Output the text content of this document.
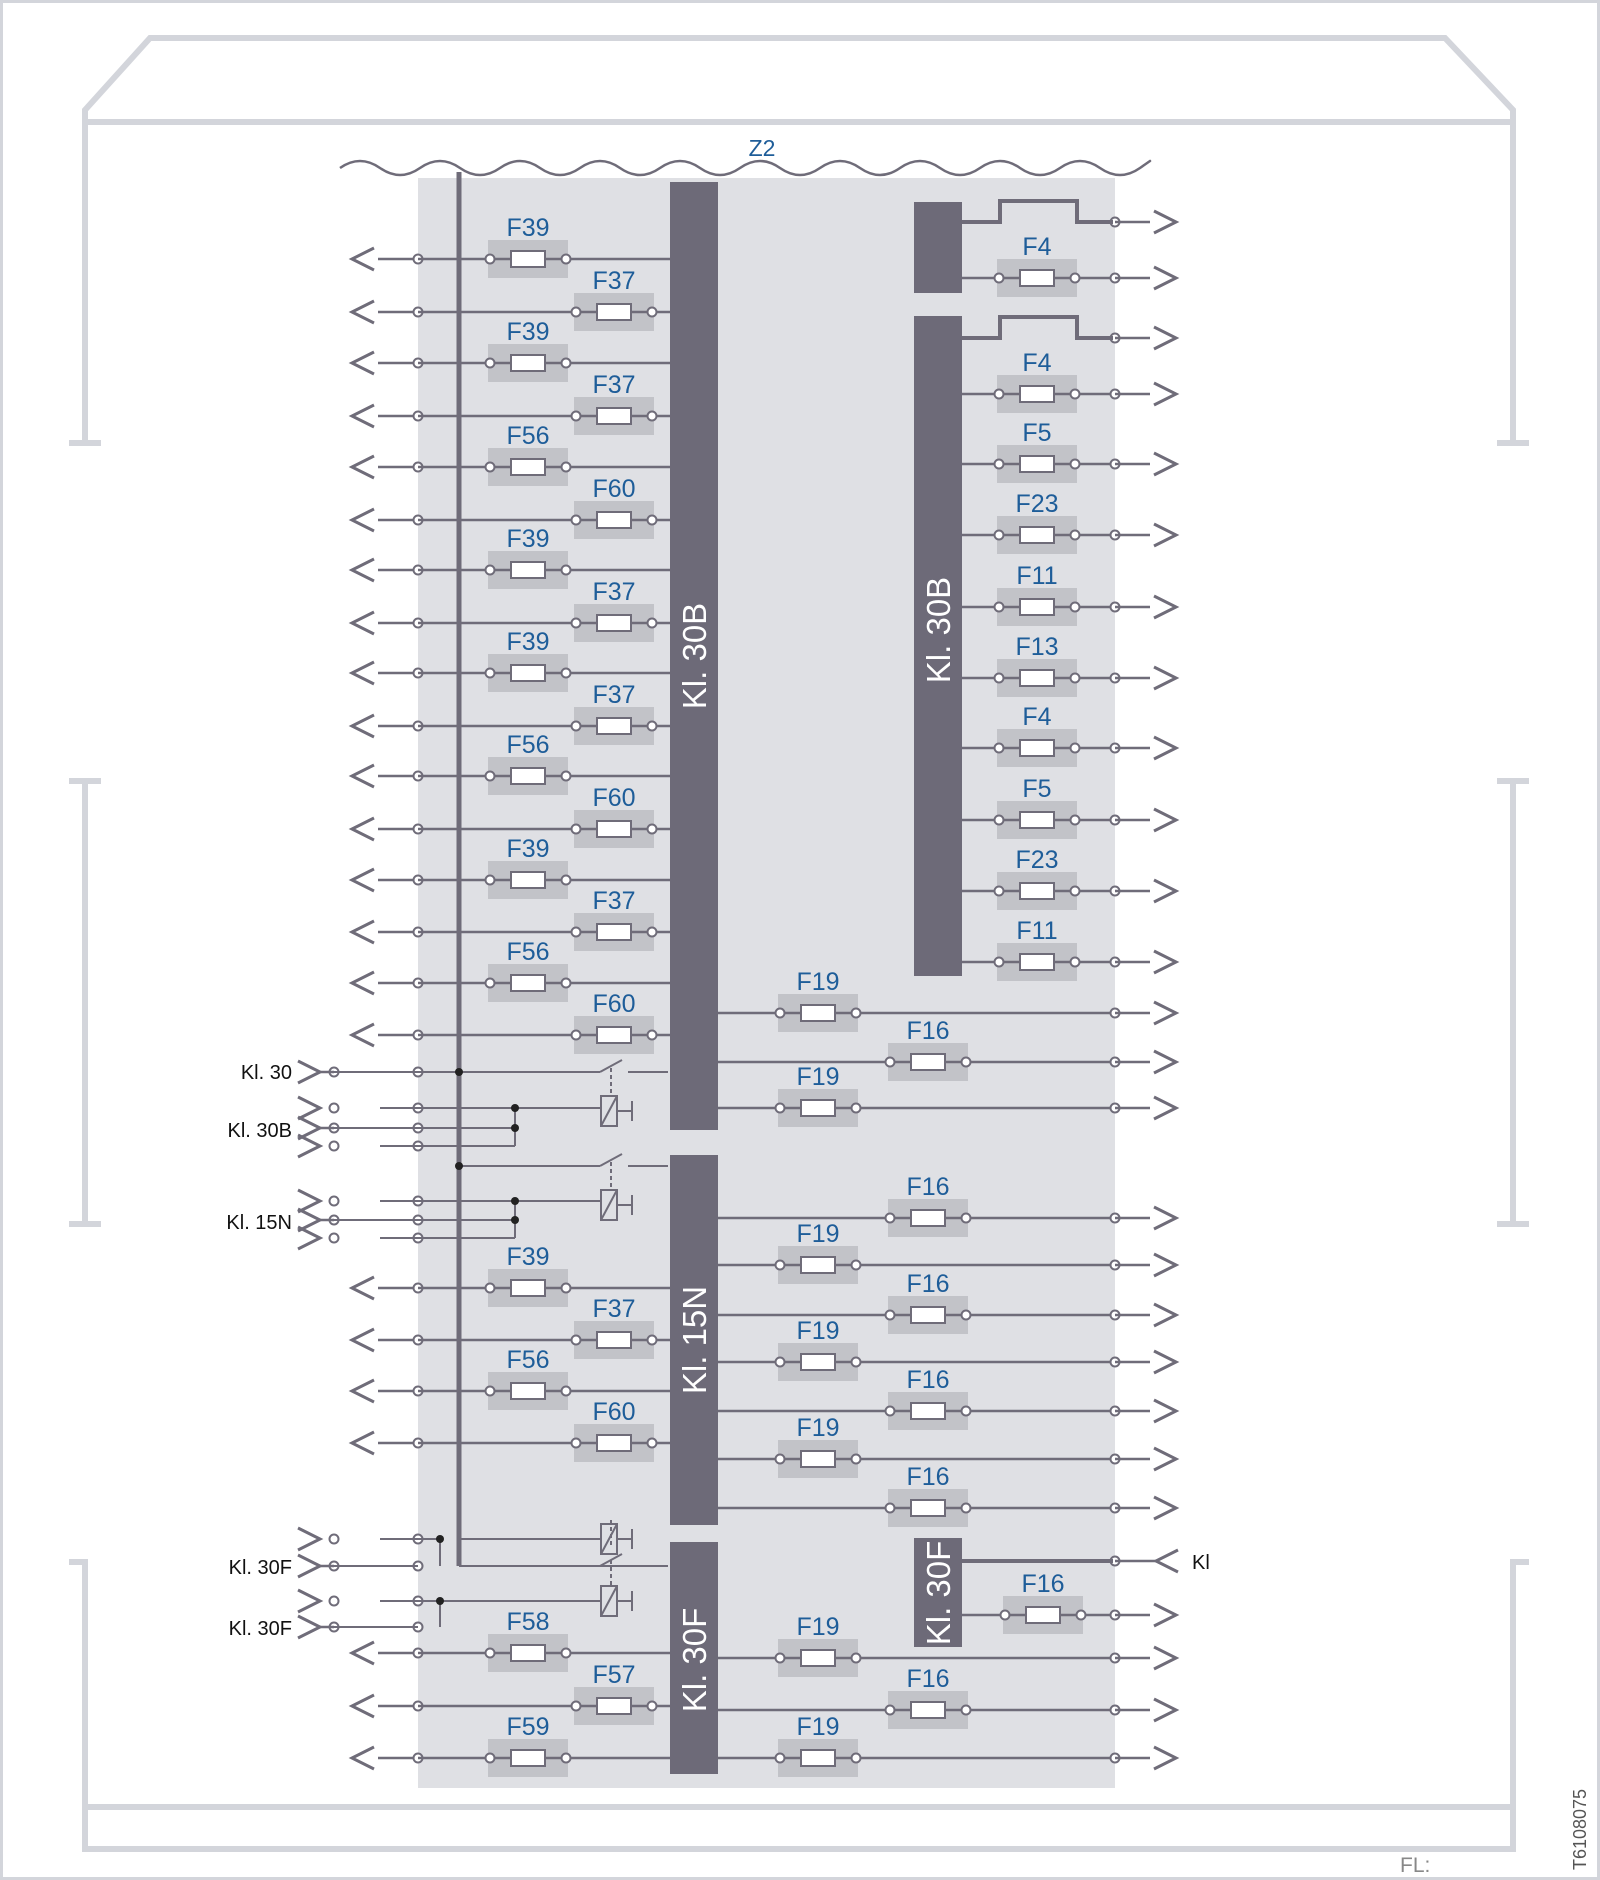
Z2
Kl. 30B
Kl. 15N
Kl. 30F
Kl. 30B
Kl. 30F
F39
F37
F39
F37
F56
F60
F39
F37
F39
F37
F56
F60
F39
F37
F56
F60
F39
F37
F56
F60
F58
F57
F59
F4
F4
F5
F23
F11
F13
F4
F5
F23
F11
F19
F16
F19
F16
F19
F16
F19
F16
F19
F16
F16
F19
F16
F19
Kl. 30
Kl. 30B
Kl. 15N
Kl. 30F
Kl. 30F
Kl
FL:	T6108075
